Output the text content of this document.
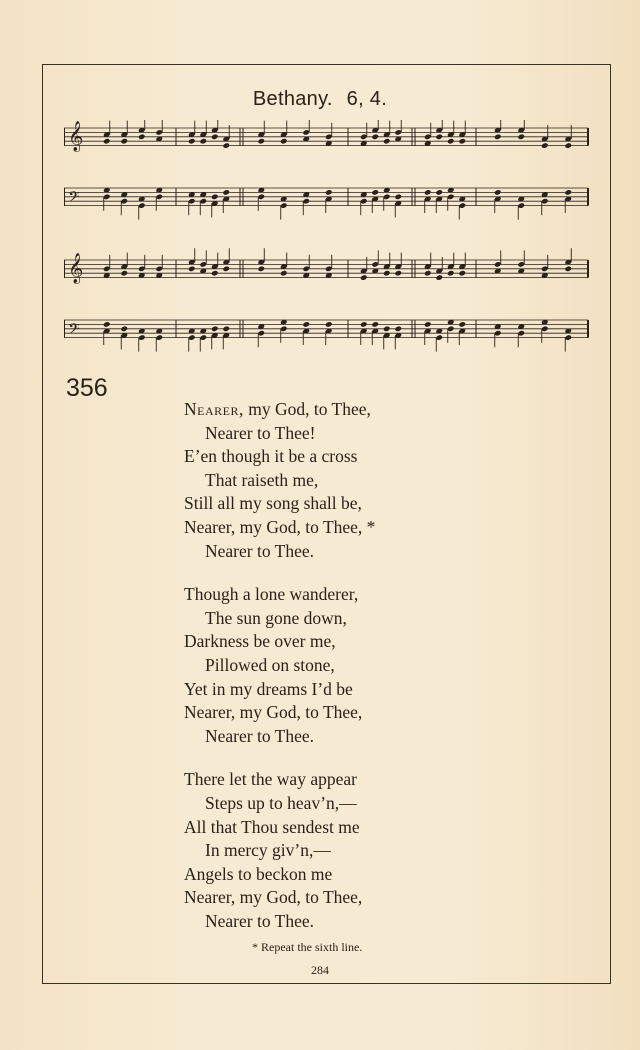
Bethany. 6, 4.
𝄞
𝄢
𝄞
𝄢
356
Nearer, my God, to Thee,
Nearer to Thee!
E’en though it be a cross
That raiseth me,
Still all my song shall be,
Nearer, my God, to Thee, *
Nearer to Thee.
Though a lone wanderer,
The sun gone down,
Darkness be over me,
Pillowed on stone,
Yet in my dreams I’d be
Nearer, my God, to Thee,
Nearer to Thee.
There let the way appear
Steps up to heav’n,—
All that Thou sendest me
In mercy giv’n,—
Angels to beckon me
Nearer, my God, to Thee,
Nearer to Thee.
* Repeat the sixth line.
284
